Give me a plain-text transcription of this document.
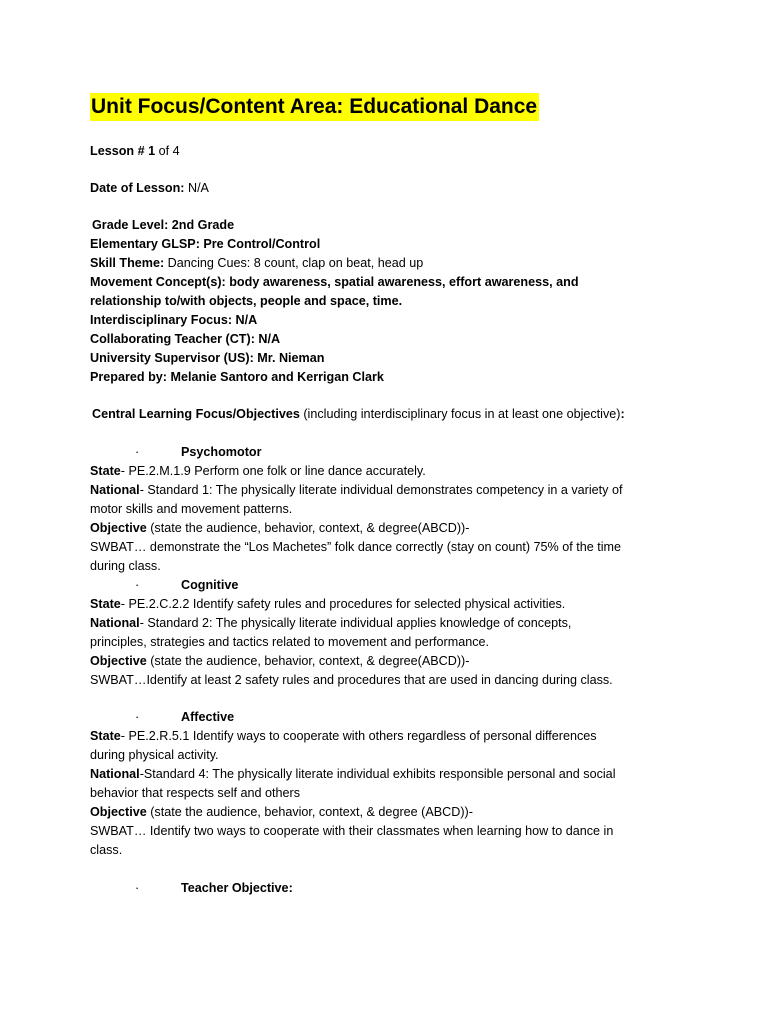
Unit Focus/Content Area: Educational Dance
Lesson # 1 of 4
Date of Lesson: N/A
Grade Level: 2nd Grade
Elementary GLSP: Pre Control/Control
Skill Theme: Dancing Cues: 8 count, clap on beat, head up
Movement Concept(s): body awareness, spatial awareness, effort awareness, and
relationship to/with objects, people and space, time.
Interdisciplinary Focus: N/A
Collaborating Teacher (CT): N/A
University Supervisor (US): Mr. Nieman
Prepared by: Melanie Santoro and Kerrigan Clark
Central Learning Focus/Objectives (including interdisciplinary focus in at least one objective):
·	Psychomotor
State- PE.2.M.1.9 Perform one folk or line dance accurately.
National- Standard 1: The physically literate individual demonstrates competency in a variety of
motor skills and movement patterns.
Objective (state the audience, behavior, context, & degree(ABCD))-
SWBAT… demonstrate the “Los Machetes” folk dance correctly (stay on count) 75% of the time
during class.
·	Cognitive
State- PE.2.C.2.2 Identify safety rules and procedures for selected physical activities.
National- Standard 2: The physically literate individual applies knowledge of concepts,
principles, strategies and tactics related to movement and performance.
Objective (state the audience, behavior, context, & degree(ABCD))-
SWBAT…Identify at least 2 safety rules and procedures that are used in dancing during class.
·	Affective
State- PE.2.R.5.1 Identify ways to cooperate with others regardless of personal differences
during physical activity.
National-Standard 4: The physically literate individual exhibits responsible personal and social
behavior that respects self and others
Objective (state the audience, behavior, context, & degree (ABCD))-
SWBAT… Identify two ways to cooperate with their classmates when learning how to dance in
class.
·	Teacher Objective:
